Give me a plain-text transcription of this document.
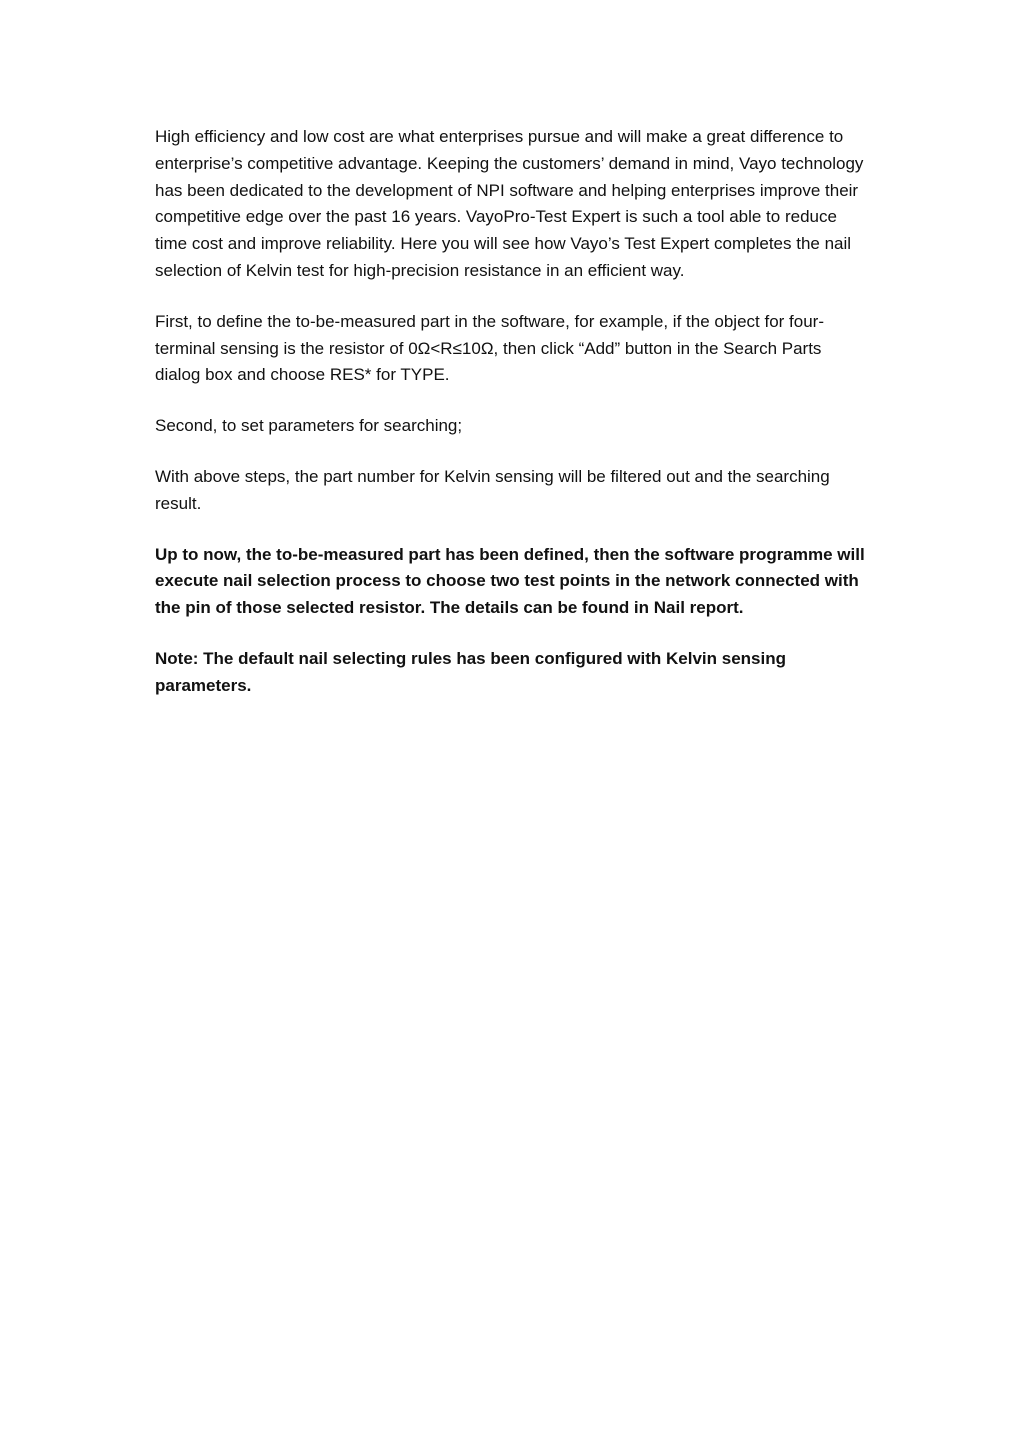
High efficiency and low cost are what enterprises pursue and will make a great difference to enterprise’s competitive advantage. Keeping the customers’ demand in mind, Vayo technology has been dedicated to the development of NPI software and helping enterprises improve their competitive edge over the past 16 years. VayoPro-Test Expert is such a tool able to reduce time cost and improve reliability. Here you will see how Vayo’s Test Expert completes the nail selection of Kelvin test for high-precision resistance in an efficient way.

First, to define the to-be-measured part in the software, for example, if the object for four-terminal sensing is the resistor of 0Ω<R≤10Ω, then click “Add” button in the Search Parts dialog box and choose RES* for TYPE.

Second, to set parameters for searching;

With above steps, the part number for Kelvin sensing will be filtered out and the searching result.

Up to now, the to-be-measured part has been defined, then the software programme will execute nail selection process to choose two test points in the network connected with the pin of those selected resistor. The details can be found in Nail report.

Note: The default nail selecting rules has been configured with Kelvin sensing parameters.
